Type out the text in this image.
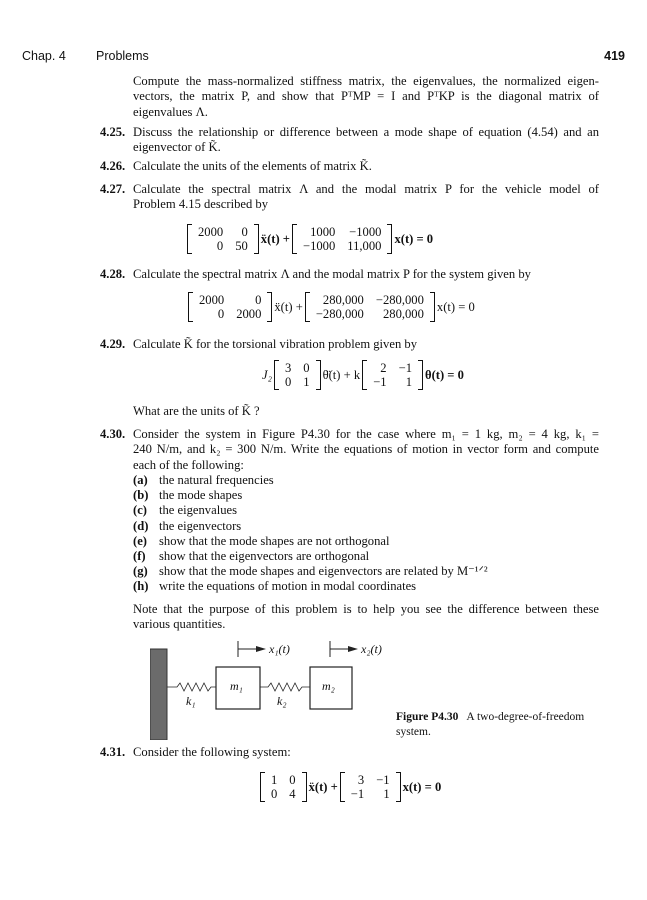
Chap. 4 Problems	419
Compute the mass-normalized stiffness matrix, the eigenvalues, the normalized eigen-
vectors, the matrix P, and show that PᵀMP = I and PᵀKP is the diagonal matrix of
eigenvalues Λ.
4.25. Discuss the relationship or difference between a mode shape of equation (4.54) and an
eigenvector of K̃.
4.26. Calculate the units of the elements of matrix K̃.
4.27. Calculate the spectral matrix Λ and the modal matrix P for the vehicle model of
Problem 4.15 described by
2000	0
0	50
ẍ(t) + 1000	−1000
−1000	11,000
x(t) = 0
4.28. Calculate the spectral matrix Λ and the modal matrix P for the system given by
2000	0
0	2000
ẍ(t) + 280,000	−280,000
−280,000	280,000
x(t) = 0
4.29. Calculate K̃ for the torsional vibration problem given by
J₂ 3	0
0	1
θ̈(t) + k 2	−1
−1	1
θ(t) = 0
What are the units of K̃ ?
4.30. Consider the system in Figure P4.30 for the case where m₁ = 1 kg, m₂ = 4 kg, k₁ =
240 N/m, and k₂ = 300 N/m. Write the equations of motion in vector form and compute
each of the following:
(a) the natural frequencies
(b) the mode shapes
(c) the eigenvalues
(d) the eigenvectors
(e) show that the mode shapes are not orthogonal
(f) show that the eigenvectors are orthogonal
(g) show that the mode shapes and eigenvectors are related by M⁻¹ᐟ²
(h) write the equations of motion in modal coordinates
Note that the purpose of this problem is to help you see the difference between these
various quantities.
x₁(t)	x₂(t)
m₁	m₂
k₁	k₂
Figure P4.30 A two-degree-of-freedom
system.
4.31. Consider the following system:
1	0
0	4
ẍ(t) + 3	−1
−1	1
x(t) = 0
